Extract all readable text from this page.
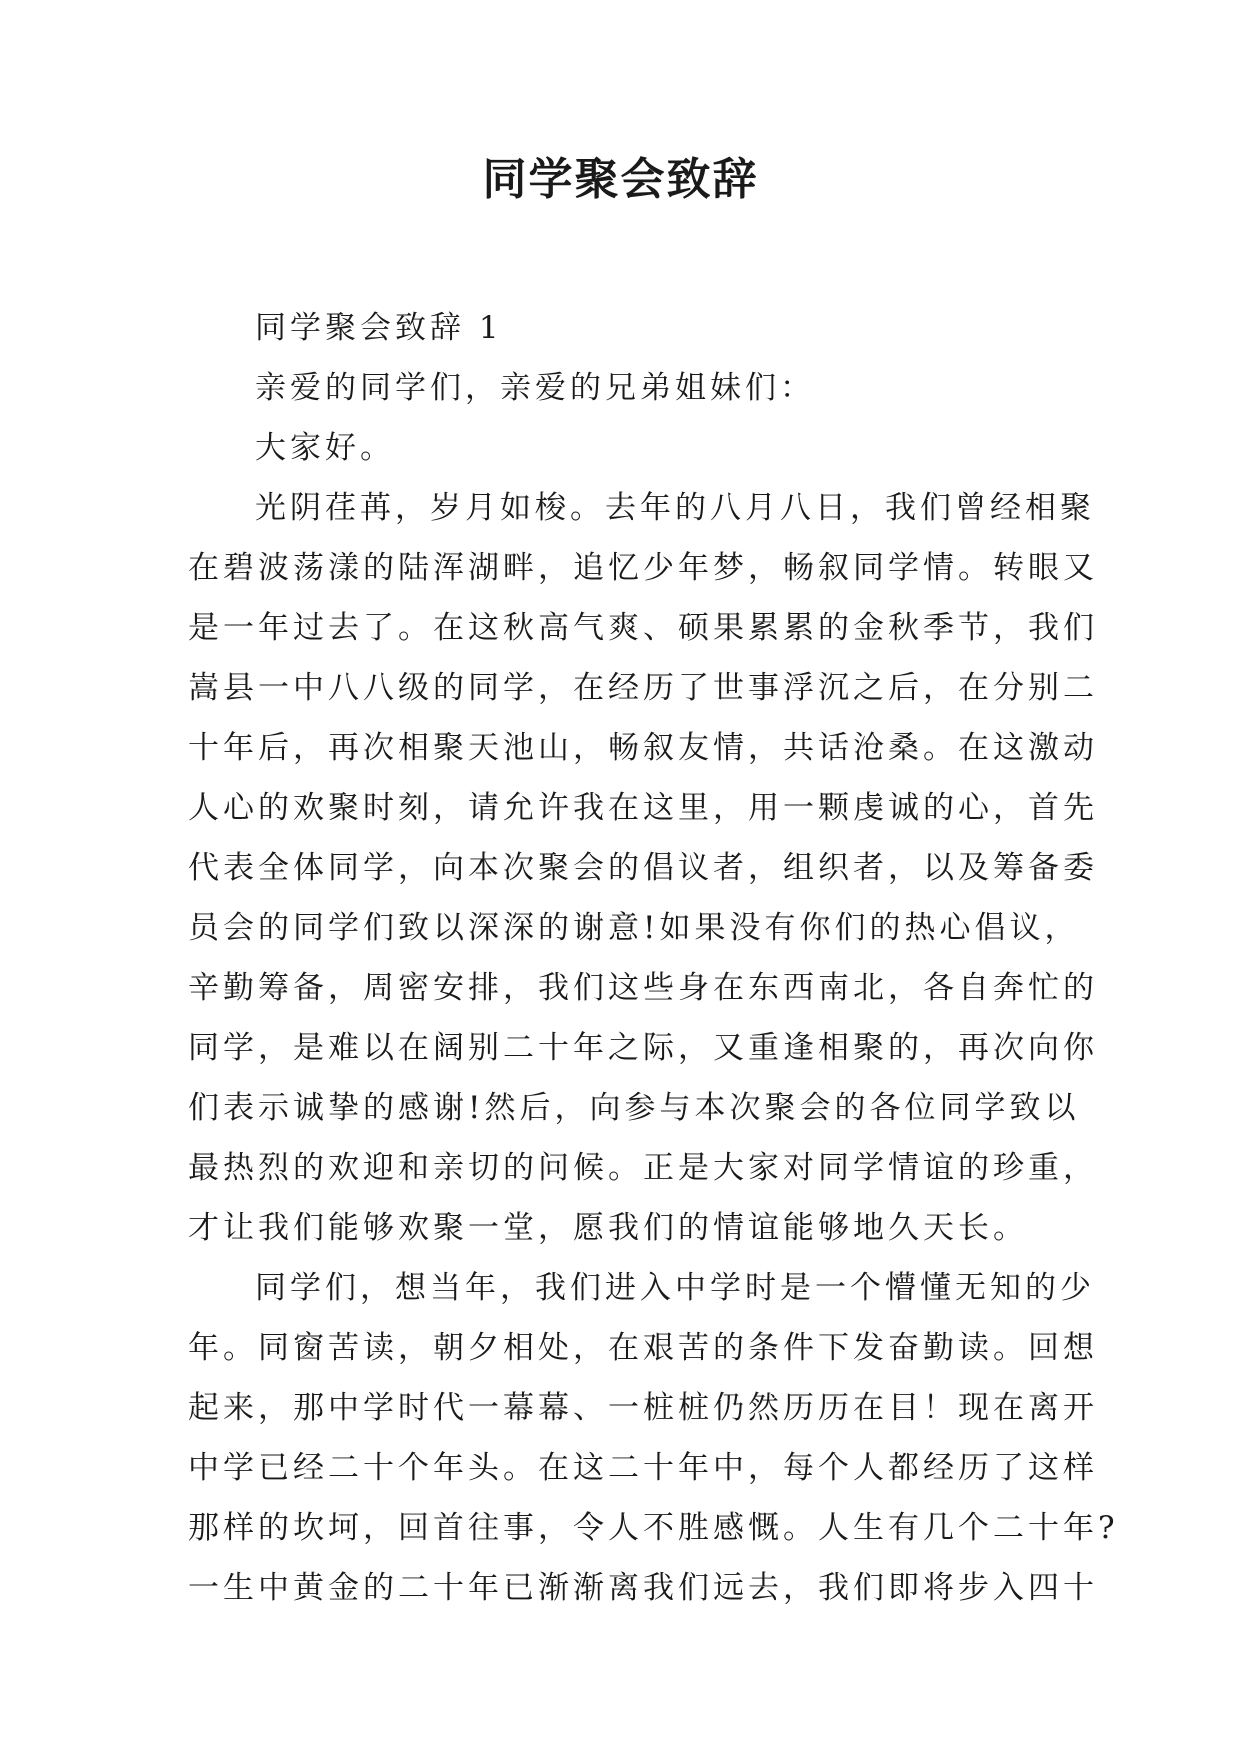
同学聚会致辞
同学聚会致辞 1
亲爱的同学们，亲爱的兄弟姐妹们：
大家好。
光阴荏苒，岁月如梭。去年的八月八日，我们曾经相聚
在碧波荡漾的陆浑湖畔，追忆少年梦，畅叙同学情。转眼又
是一年过去了。在这秋高气爽、硕果累累的金秋季节，我们
嵩县一中八八级的同学，在经历了世事浮沉之后，在分别二
十年后，再次相聚天池山，畅叙友情，共话沧桑。在这激动
人心的欢聚时刻，请允许我在这里，用一颗虔诚的心，首先
代表全体同学，向本次聚会的倡议者，组织者，以及筹备委
员会的同学们致以深深的谢意!如果没有你们的热心倡议，
辛勤筹备，周密安排，我们这些身在东西南北，各自奔忙的
同学，是难以在阔别二十年之际，又重逢相聚的，再次向你
们表示诚挚的感谢!然后，向参与本次聚会的各位同学致以
最热烈的欢迎和亲切的问候。正是大家对同学情谊的珍重，
才让我们能够欢聚一堂，愿我们的情谊能够地久天长。
同学们，想当年，我们进入中学时是一个懵懂无知的少
年。同窗苦读，朝夕相处，在艰苦的条件下发奋勤读。回想
起来，那中学时代一幕幕、一桩桩仍然历历在目！现在离开
中学已经二十个年头。在这二十年中，每个人都经历了这样
那样的坎坷，回首往事，令人不胜感慨。人生有几个二十年?
一生中黄金的二十年已渐渐离我们远去，我们即将步入四十
